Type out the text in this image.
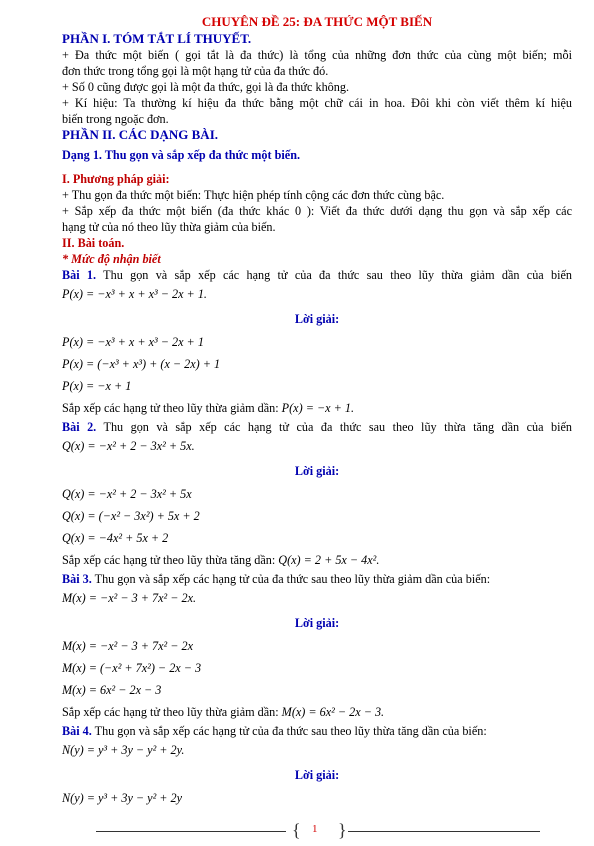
CHUYÊN ĐỀ 25: ĐA THỨC MỘT BIẾN

PHẦN I. TÓM TẮT LÍ THUYẾT.

+ Đa thức một biến ( gọi tắt là đa thức) là tổng của những đơn thức của cùng một biến; mỗi

đơn thức trong tổng gọi là một hạng tử của đa thức đó.

+ Số 0 cũng được gọi là một đa thức, gọi là đa thức không.

+ Kí hiệu: Ta thường kí hiệu đa thức bằng một chữ cái in hoa. Đôi khi còn viết thêm kí hiệu

biến trong ngoặc đơn.

PHẦN II. CÁC DẠNG BÀI.
Dạng 1. Thu gọn và sắp xếp đa thức một biến.
I. Phương pháp giải:

+ Thu gọn đa thức một biến: Thực hiện phép tính cộng các đơn thức cùng bậc.

+ Sắp xếp đa thức một biến (đa thức khác 0 ): Viết đa thức dưới dạng thu gọn và sắp xếp các

hạng tử của nó theo lũy thừa giảm của biến.

II. Bài toán.
* Mức độ nhận biết

Bài 1. Thu gọn và sắp xếp các hạng tử của đa thức sau theo lũy thừa giảm dần của biến

P(x) = −x³ + x + x³ − 2x + 1.

Lời giải:

P(x) = −x³ + x + x³ − 2x + 1

P(x) = (−x³ + x³) + (x − 2x) + 1

P(x) = −x + 1

Sắp xếp các hạng tử theo lũy thừa giảm dần: P(x) = −x + 1.

Bài 2. Thu gọn và sắp xếp các hạng tử của đa thức sau theo lũy thừa tăng dần của biến

Q(x) = −x² + 2 − 3x² + 5x.

Lời giải:

Q(x) = −x² + 2 − 3x² + 5x

Q(x) = (−x² − 3x²) + 5x + 2

Q(x) = −4x² + 5x + 2

Sắp xếp các hạng tử theo lũy thừa tăng dần: Q(x) = 2 + 5x − 4x².

Bài 3. Thu gọn và sắp xếp các hạng tử của đa thức sau theo lũy thừa giảm dần của biến:

M(x) = −x² − 3 + 7x² − 2x.

Lời giải:

M(x) = −x² − 3 + 7x² − 2x

M(x) = (−x² + 7x²) − 2x − 3

M(x) = 6x² − 2x − 3

Sắp xếp các hạng tử theo lũy thừa giảm dần: M(x) = 6x² − 2x − 3.

Bài 4. Thu gọn và sắp xếp các hạng tử của đa thức sau theo lũy thừa tăng dần của biến:

N(y) = y³ + 3y − y² + 2y.

Lời giải:

N(y) = y³ + 3y − y² + 2y

{ 1 }
